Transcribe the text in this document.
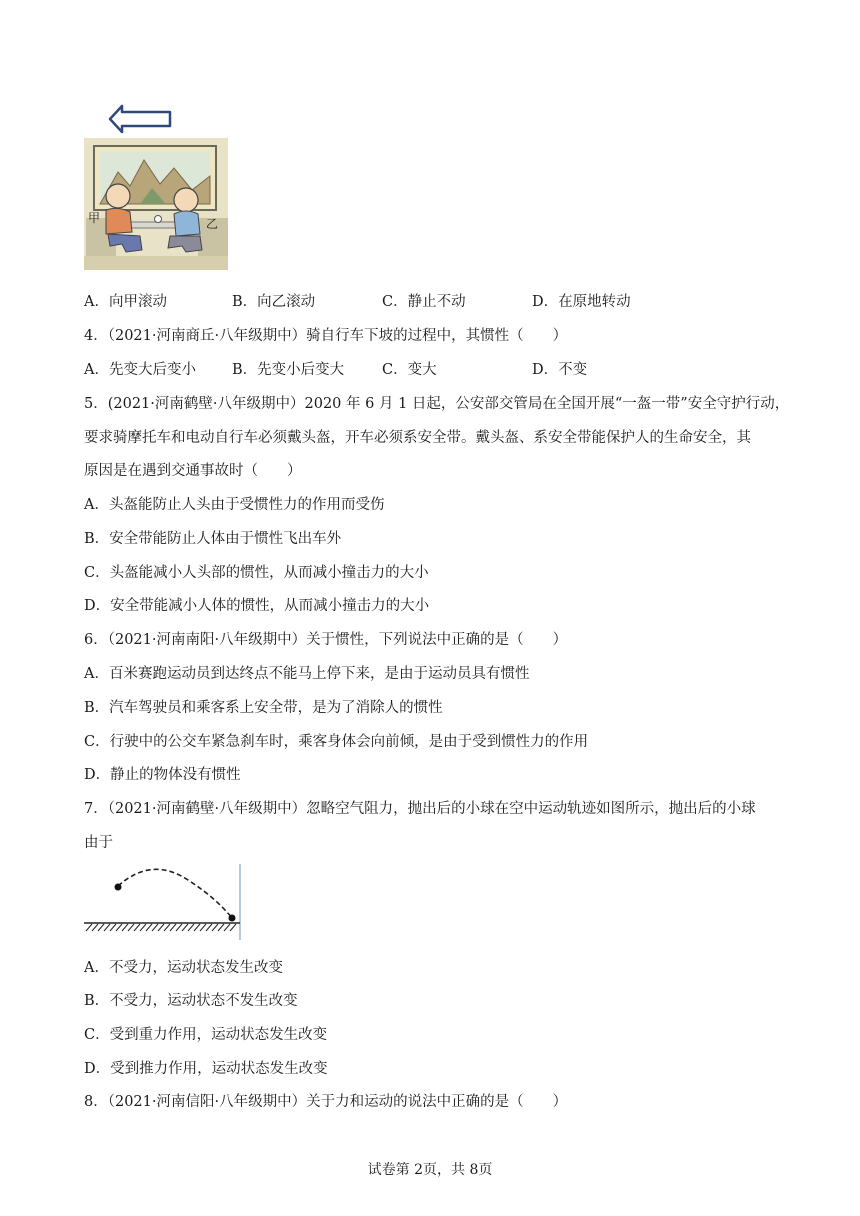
甲	乙
A．向甲滚动	B．向乙滚动	C．静止不动	D．在原地转动
4．（2021·河南商丘·八年级期中）骑自行车下坡的过程中，其惯性（　　）
A．先变大后变小 B．先变小后变大	C．变大	D．不变
5．(2021·河南鹤壁·八年级期中）2020 年 6 月 1 日起，公安部交管局在全国开展“一盔一带”安全守护行动，
要求骑摩托车和电动自行车必须戴头盔，开车必须系安全带。戴头盔、系安全带能保护人的生命安全，其
原因是在遇到交通事故时（　　）
A．头盔能防止人头由于受惯性力的作用而受伤
B．安全带能防止人体由于惯性飞出车外
C．头盔能减小人头部的惯性，从而减小撞击力的大小
D．安全带能减小人体的惯性，从而减小撞击力的大小
6．（2021·河南南阳·八年级期中）关于惯性，下列说法中正确的是（　　）
A．百米赛跑运动员到达终点不能马上停下来，是由于运动员具有惯性
B．汽车驾驶员和乘客系上安全带，是为了消除人的惯性
C．行驶中的公交车紧急刹车时，乘客身体会向前倾，是由于受到惯性力的作用
D．静止的物体没有惯性
7．（2021·河南鹤壁·八年级期中）忽略空气阻力，抛出后的小球在空中运动轨迹如图所示，抛出后的小球
由于
A．不受力，运动状态发生改变
B．不受力，运动状态不发生改变
C．受到重力作用，运动状态发生改变
D．受到推力作用，运动状态发生改变
8．（2021·河南信阳·八年级期中）关于力和运动的说法中正确的是（　　）
试卷第 2页，共 8页
